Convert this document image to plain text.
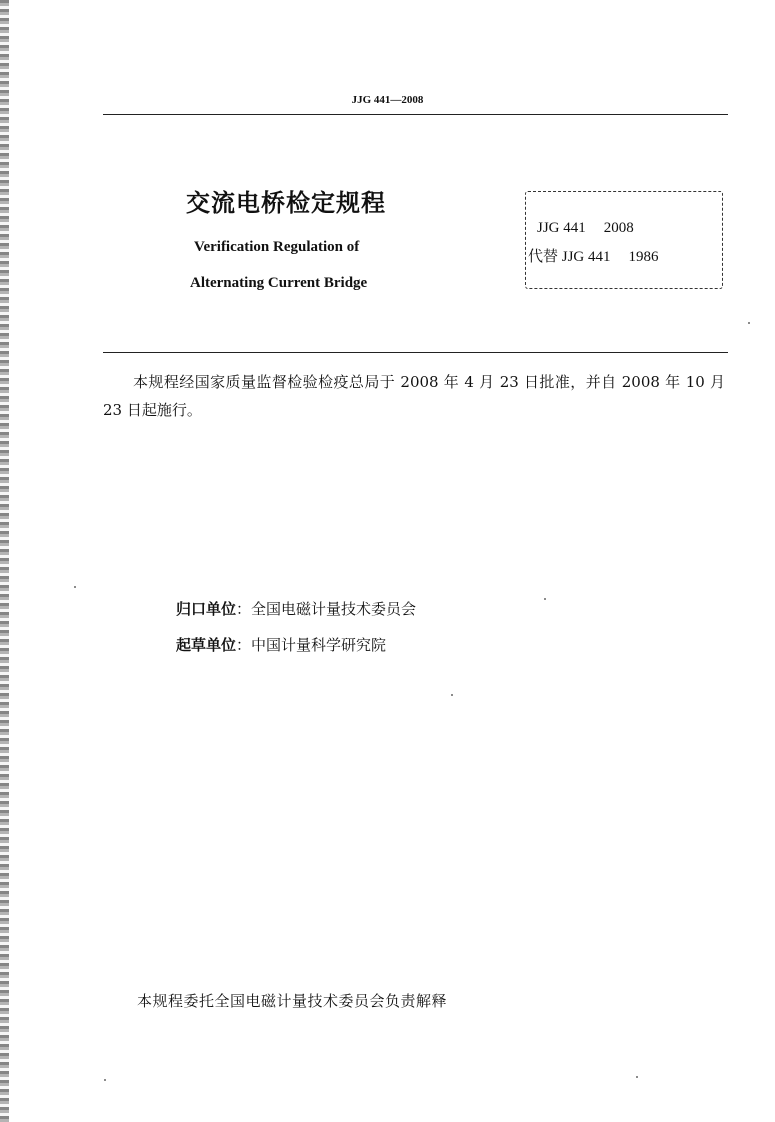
JJG 441—2008
交流电桥检定规程
Verification Regulation of
Alternating Current Bridge
JJG 441 2008
代替 JJG 441 1986
本规程经国家质量监督检验检疫总局于 2008 年 4 月 23 日批准，并自 2008 年 10 月 23 日起施行。
归口单位：全国电磁计量技术委员会
起草单位：中国计量科学研究院
本规程委托全国电磁计量技术委员会负责解释
